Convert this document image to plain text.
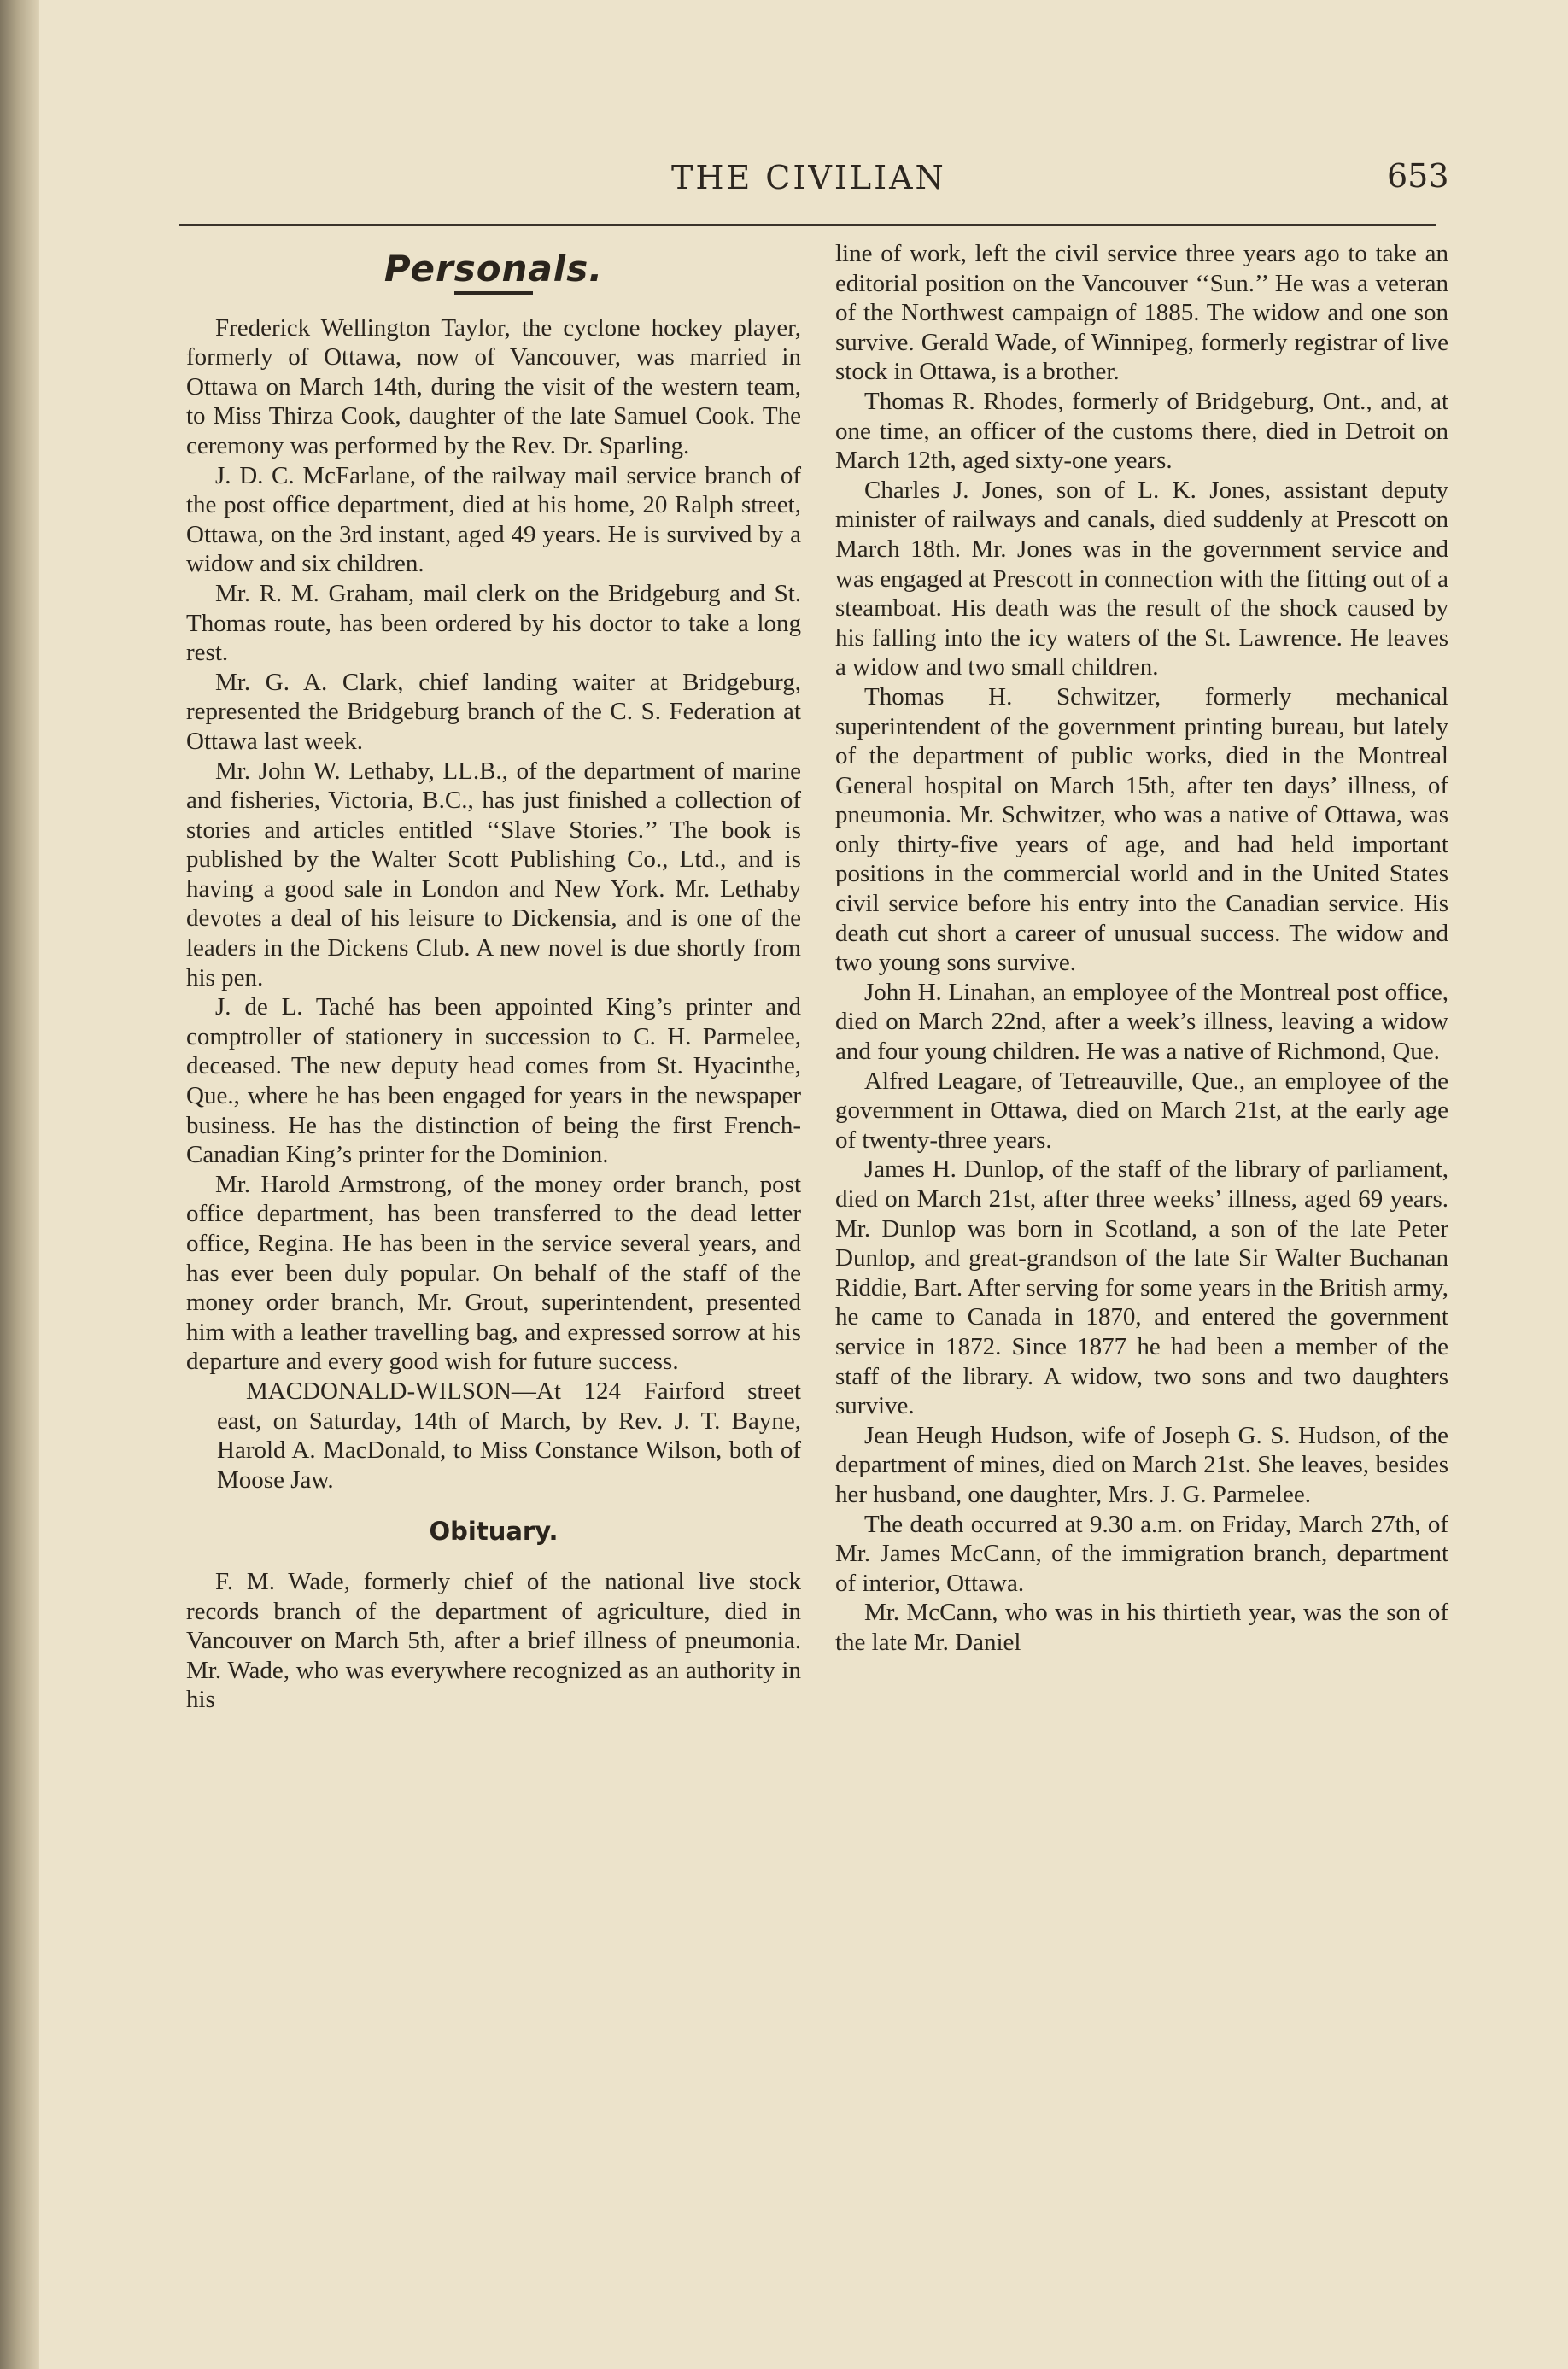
THE CIVILIAN	653
Personals.

Frederick Wellington Taylor, the cyclone hockey player, formerly of Ottawa, now of Vancouver, was married in Ottawa on March 14th, during the visit of the western team, to Miss Thirza Cook, daughter of the late Samuel Cook. The ceremony was performed by the Rev. Dr. Sparling.

J. D. C. McFarlane, of the railway mail service branch of the post office department, died at his home, 20 Ralph street, Ottawa, on the 3rd instant, aged 49 years. He is survived by a widow and six children.

Mr. R. M. Graham, mail clerk on the Bridgeburg and St. Thomas route, has been ordered by his doctor to take a long rest.

Mr. G. A. Clark, chief landing waiter at Bridgeburg, represented the Bridgeburg branch of the C. S. Federation at Ottawa last week.

Mr. John W. Lethaby, LL.B., of the department of marine and fisheries, Victoria, B.C., has just finished a collection of stories and articles entitled ‘‘Slave Stories.’’ The book is published by the Walter Scott Publishing Co., Ltd., and is having a good sale in London and New York. Mr. Lethaby devotes a deal of his leisure to Dickensia, and is one of the leaders in the Dickens Club. A new novel is due shortly from his pen.

J. de L. Taché has been appointed King’s printer and comptroller of stationery in succession to C. H. Parmelee, deceased. The new deputy head comes from St. Hyacinthe, Que., where he has been engaged for years in the newspaper business. He has the distinction of being the first French-Canadian King’s printer for the Dominion.

Mr. Harold Armstrong, of the money order branch, post office department, has been transferred to the dead letter office, Regina. He has been in the service several years, and has ever been duly popular. On behalf of the staff of the money order branch, Mr. Grout, superintendent, presented him with a leather travelling bag, and expressed sorrow at his departure and every good wish for future success.

MACDONALD-WILSON—At 124 Fairford street east, on Saturday, 14th of March, by Rev. J. T. Bayne, Harold A. MacDonald, to Miss Constance Wilson, both of Moose Jaw.

Obituary.

F. M. Wade, formerly chief of the national live stock records branch of the department of agriculture, died in Vancouver on March 5th, after a brief illness of pneumonia. Mr. Wade, who was everywhere recognized as an authority in his

line of work, left the civil service three years ago to take an editorial position on the Vancouver ‘‘Sun.’’ He was a veteran of the Northwest campaign of 1885. The widow and one son survive. Gerald Wade, of Winnipeg, formerly registrar of live stock in Ottawa, is a brother.

Thomas R. Rhodes, formerly of Bridgeburg, Ont., and, at one time, an officer of the customs there, died in Detroit on March 12th, aged sixty-one years.

Charles J. Jones, son of L. K. Jones, assistant deputy minister of railways and canals, died suddenly at Prescott on March 18th. Mr. Jones was in the government service and was engaged at Prescott in connection with the fitting out of a steamboat. His death was the result of the shock caused by his falling into the icy waters of the St. Lawrence. He leaves a widow and two small children.

Thomas H. Schwitzer, formerly mechanical superintendent of the government printing bureau, but lately of the department of public works, died in the Montreal General hospital on March 15th, after ten days’ illness, of pneumonia. Mr. Schwitzer, who was a native of Ottawa, was only thirty-five years of age, and had held important positions in the commercial world and in the United States civil service before his entry into the Canadian service. His death cut short a career of unusual success. The widow and two young sons survive.

John H. Linahan, an employee of the Montreal post office, died on March 22nd, after a week’s illness, leaving a widow and four young children. He was a native of Richmond, Que.

Alfred Leagare, of Tetreauville, Que., an employee of the government in Ottawa, died on March 21st, at the early age of twenty-three years.

James H. Dunlop, of the staff of the library of parliament, died on March 21st, after three weeks’ illness, aged 69 years. Mr. Dunlop was born in Scotland, a son of the late Peter Dunlop, and great-grandson of the late Sir Walter Buchanan Riddie, Bart. After serving for some years in the British army, he came to Canada in 1870, and entered the government service in 1872. Since 1877 he had been a member of the staff of the library. A widow, two sons and two daughters survive.

Jean Heugh Hudson, wife of Joseph G. S. Hudson, of the department of mines, died on March 21st. She leaves, besides her husband, one daughter, Mrs. J. G. Parmelee.

The death occurred at 9.30 a.m. on Friday, March 27th, of Mr. James McCann, of the immigration branch, department of interior, Ottawa.

Mr. McCann, who was in his thirtieth year, was the son of the late Mr. Daniel
